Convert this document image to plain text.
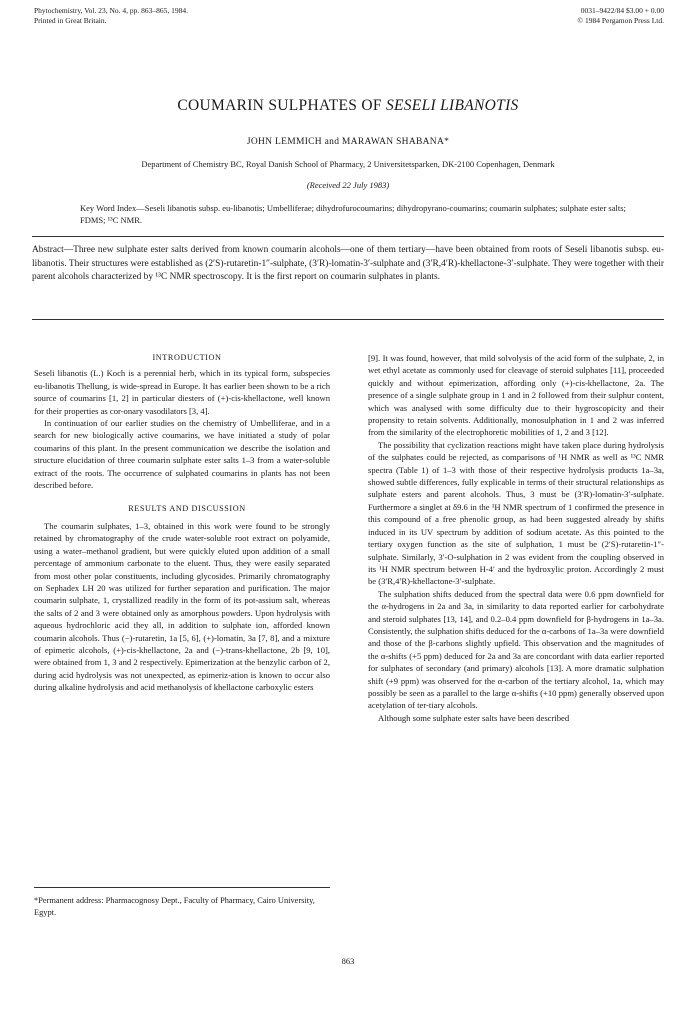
Phytochemistry, Vol. 23, No. 4, pp. 863–865, 1984.
Printed in Great Britain.
0031–9422/84 $3.00 + 0.00
© 1984 Pergamon Press Ltd.
COUMARIN SULPHATES OF SESELI LIBANOTIS
JOHN LEMMICH and MARAWAN SHABANA*
Department of Chemistry BC, Royal Danish School of Pharmacy, 2 Universitetsparken, DK-2100 Copenhagen, Denmark
(Received 22 July 1983)
Key Word Index—Seseli libanotis subsp. eu-libanotis; Umbelliferae; dihydrofurocoumarins; dihydropyrano-coumarins; coumarin sulphates; sulphate ester salts; FDMS; ¹³C NMR.
Abstract—Three new sulphate ester salts derived from known coumarin alcohols—one of them tertiary—have been obtained from roots of Seseli libanotis subsp. eu-libanotis. Their structures were established as (2′S)-rutaretin-1″-sulphate, (3′R)-lomatin-3′-sulphate and (3′R,4′R)-khellactone-3′-sulphate. They were together with their parent alcohols characterized by ¹³C NMR spectroscopy. It is the first report on coumarin sulphates in plants.

INTRODUCTION

Seseli libanotis (L.) Koch is a perennial herb, which in its typical form, subspecies eu-libanotis Thellung, is wide-spread in Europe. It has earlier been shown to be a rich source of coumarins [1, 2] in particular diesters of (+)-cis-khellactone, well known for their properties as cor-onary vasodilators [3, 4].

In continuation of our earlier studies on the chemistry of Umbelliferae, and in a search for new biologically active coumarins, we have initiated a study of polar coumarins of this plant. In the present communication we describe the isolation and structure elucidation of three coumarin sulphate ester salts 1–3 from a water-soluble extract of the roots. The occurrence of sulphated coumarins in plants has not been described before.

RESULTS AND DISCUSSION

The coumarin sulphates, 1–3, obtained in this work were found to be strongly retained by chromatography of the crude water-soluble root extract on polyamide, using a water–methanol gradient, but were quickly eluted upon addition of a small percentage of ammonium carbonate to the eluent. Thus, they were easily separated from most other polar constituents, including glycosides. Primarily chromatography on Sephadex LH 20 was utilized for further separation and purification. The major coumarin sulphate, 1, crystallized readily in the form of its pot-assium salt, whereas the salts of 2 and 3 were obtained only as amorphous powders. Upon hydrolysis with aqueous hydrochloric acid they all, in addition to sulphate ion, afforded known coumarin alcohols. Thus (−)-rutaretin, 1a [5, 6], (+)-lomatin, 3a [7, 8], and a mixture of epimeric alcohols, (+)-cis-khellactone, 2a and (−)-trans-khellactone, 2b [9, 10], were obtained from 1, 3 and 2 respectively. Epimerization at the benzylic carbon of 2, during acid hydrolysis was not unexpected, as epimeriz-ation is known to occur also during alkaline hydrolysis and acid methanolysis of khellactone carboxylic esters

*Permanent address: Pharmacognosy Dept., Faculty of Pharmacy, Cairo University, Egypt.

[9]. It was found, however, that mild solvolysis of the acid form of the sulphate, 2, in wet ethyl acetate as commonly used for cleavage of steroid sulphates [11], proceeded quickly and without epimerization, affording only (+)-cis-khellactone, 2a. The presence of a single sulphate group in 1 and in 2 followed from their sulphur content, which was analysed with some difficulty due to their hygroscopicity and their propensity to retain solvents. Additionally, monosulphation in 1 and 2 was inferred from the similarity of the electrophoretic mobilities of 1, 2 and 3 [12].

The possibility that cyclization reactions might have taken place during hydrolysis of the sulphates could be rejected, as comparisons of ¹H NMR as well as ¹³C NMR spectra (Table 1) of 1–3 with those of their respective hydrolysis products 1a–3a, showed subtle differences, fully explicable in terms of their structural relationships as sulphate esters and parent alcohols. Thus, 3 must be (3′R)-lomatin-3′-sulphate. Furthermore a singlet at δ9.6 in the ¹H NMR spectrum of 1 confirmed the presence in this compound of a free phenolic group, as had been suggested already by shifts induced in its UV spectrum by addition of sodium acetate. As this pointed to the tertiary oxygen function as the site of sulphation, 1 must be (2′S)-rutaretin-1″-sulphate. Similarly, 3′-O-sulphation in 2 was evident from the coupling observed in its ¹H NMR spectrum between H-4′ and the hydroxylic proton. Accordingly 2 must be (3′R,4′R)-khellactone-3′-sulphate.

The sulphation shifts deduced from the spectral data were 0.6 ppm downfield for the α-hydrogens in 2a and 3a, in similarity to data reported earlier for carbohydrate and steroid sulphates [13, 14], and 0.2–0.4 ppm downfield for β-hydrogens in 1a–3a. Consistently, the sulphation shifts deduced for the α-carbons of 1a–3a were downfield and those of the β-carbons slightly upfield. This observation and the magnitudes of the α-shifts (+5 ppm) deduced for 2a and 3a are concordant with data earlier reported for sulphates of secondary (and primary) alcohols [13]. A more dramatic sulphation shift (+9 ppm) was observed for the α-carbon of the tertiary alcohol, 1a, which may possibly be seen as a parallel to the large α-shifts (+10 ppm) generally observed upon acetylation of ter-tiary alcohols.

Although some sulphate ester salts have been described

863
